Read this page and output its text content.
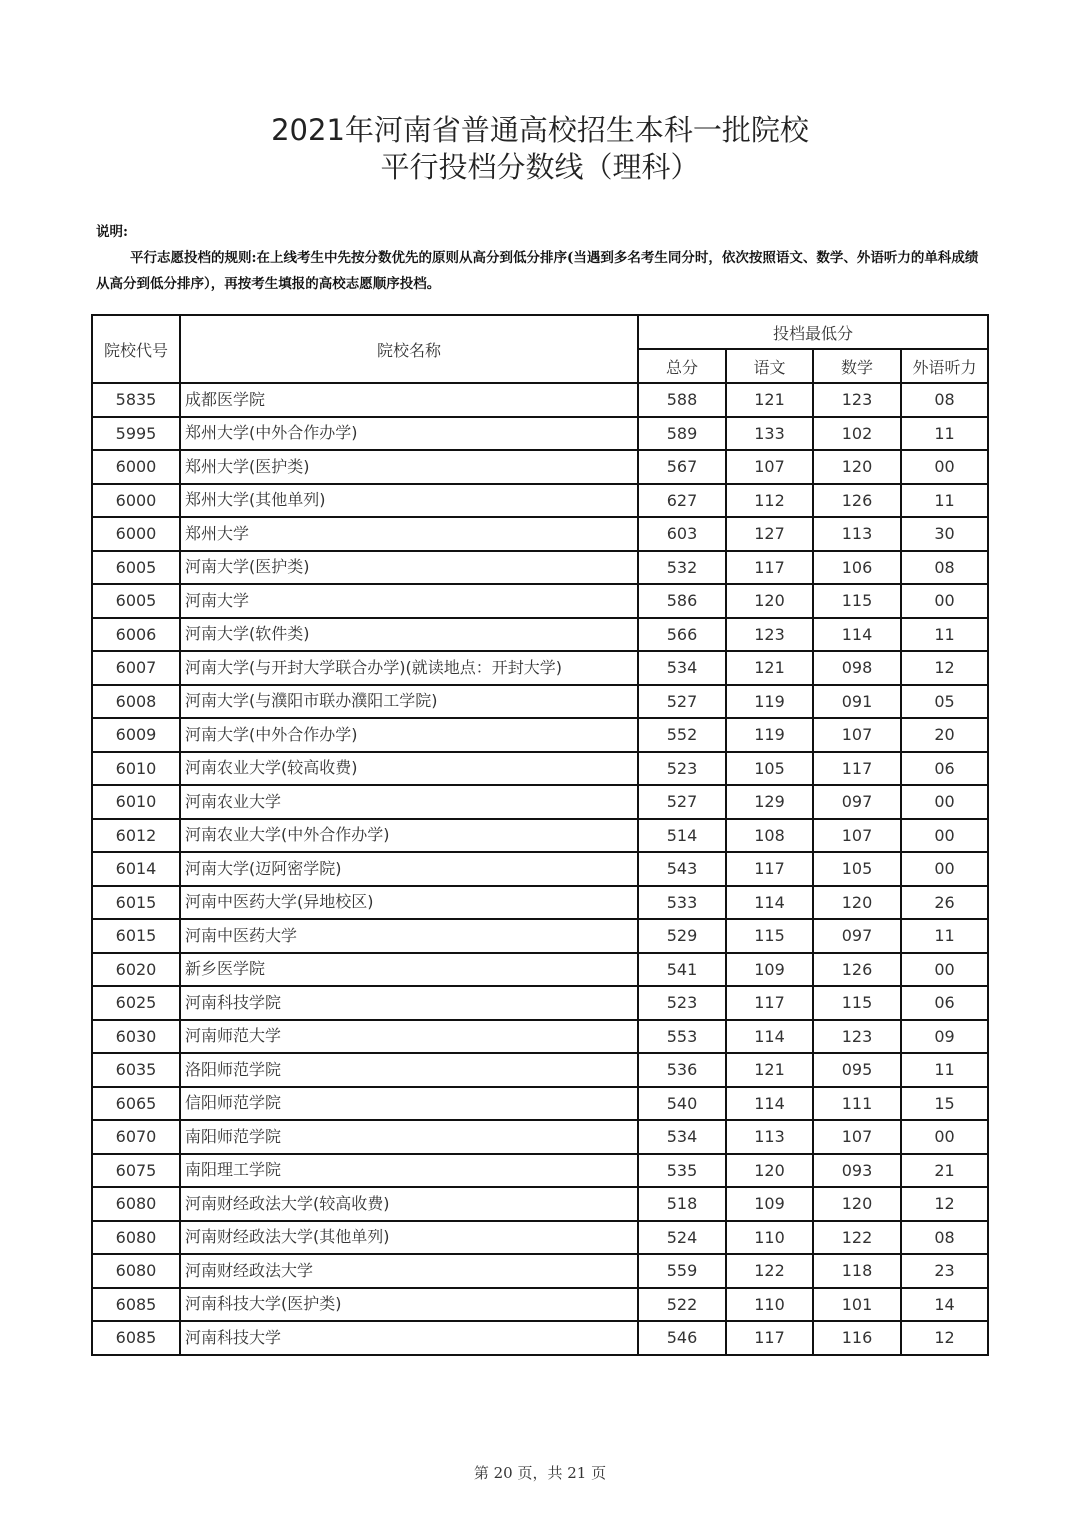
2021年河南省普通高校招生本科一批院校
平行投档分数线（理科）
说明:

平行志愿投档的规则:在上线考生中先按分数优先的原则从高分到低分排序(当遇到多名考生同分时，依次按照语文、数学、外语听力的单科成绩从高分到低分排序），再按考生填报的高校志愿顺序投档。

院校代号	院校名称	投档最低分			
		总分	语文	数学	外语听力
5835	成都医学院	588	121	123	08
5995	郑州大学(中外合作办学)	589	133	102	11
6000	郑州大学(医护类)	567	107	120	00
6000	郑州大学(其他单列)	627	112	126	11
6000	郑州大学	603	127	113	30
6005	河南大学(医护类)	532	117	106	08
6005	河南大学	586	120	115	00
6006	河南大学(软件类)	566	123	114	11
6007	河南大学(与开封大学联合办学)(就读地点：开封大学)	534	121	098	12
6008	河南大学(与濮阳市联办濮阳工学院)	527	119	091	05
6009	河南大学(中外合作办学)	552	119	107	20
6010	河南农业大学(较高收费)	523	105	117	06
6010	河南农业大学	527	129	097	00
6012	河南农业大学(中外合作办学)	514	108	107	00
6014	河南大学(迈阿密学院)	543	117	105	00
6015	河南中医药大学(异地校区)	533	114	120	26
6015	河南中医药大学	529	115	097	11
6020	新乡医学院	541	109	126	00
6025	河南科技学院	523	117	115	06
6030	河南师范大学	553	114	123	09
6035	洛阳师范学院	536	121	095	11
6065	信阳师范学院	540	114	111	15
6070	南阳师范学院	534	113	107	00
6075	南阳理工学院	535	120	093	21
6080	河南财经政法大学(较高收费)	518	109	120	12
6080	河南财经政法大学(其他单列)	524	110	122	08
6080	河南财经政法大学	559	122	118	23
6085	河南科技大学(医护类)	522	110	101	14
6085	河南科技大学	546	117	116	12
第 20 页，共 21 页
